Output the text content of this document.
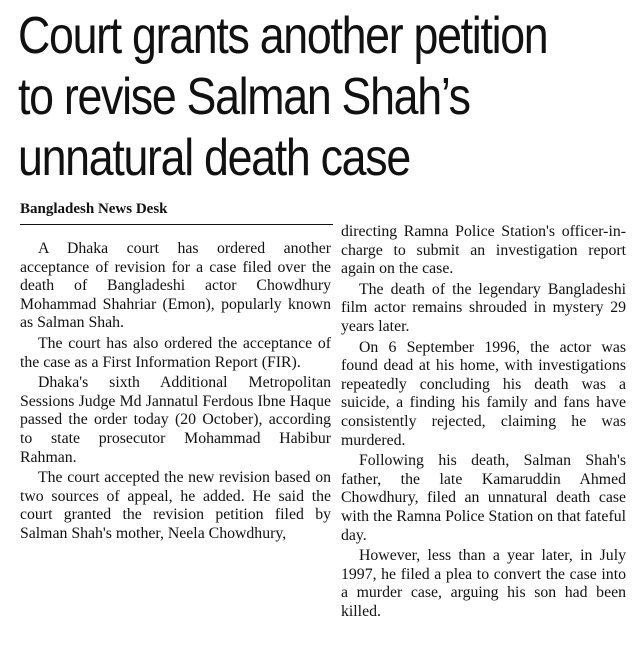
Court grants another petition
to revise Salman Shah’s
unnatural death case
Bangladesh News Desk

A Dhaka court has ordered another acceptance of revision for a case filed over the death of Bangladeshi actor Chowdhury Mohammad Shahriar (Emon), popularly known as Salman Shah.

The court has also ordered the acceptance of the case as a First Information Report (FIR).

Dhaka's sixth Additional Metropolitan Sessions Judge Md Jannatul Ferdous Ibne Haque passed the order today (20 October), according to state prosecutor Mohammad Habibur Rahman.

The court accepted the new revision based on two sources of appeal, he added. He said the court granted the revision petition filed by Salman Shah's mother, Neela Chowdhury,

directing Ramna Police Station's officer-in-charge to submit an investigation report again on the case.

The death of the legendary Bangladeshi film actor remains shrouded in mystery 29 years later.

On 6 September 1996, the actor was found dead at his home, with investigations repeatedly concluding his death was a suicide, a finding his family and fans have consistently rejected, claiming he was murdered.

Following his death, Salman Shah's father, the late Kamaruddin Ahmed Chowdhury, filed an unnatural death case with the Ramna Police Station on that fateful day.

However, less than a year later, in July 1997, he filed a plea to convert the case into a murder case, arguing his son had been killed.
